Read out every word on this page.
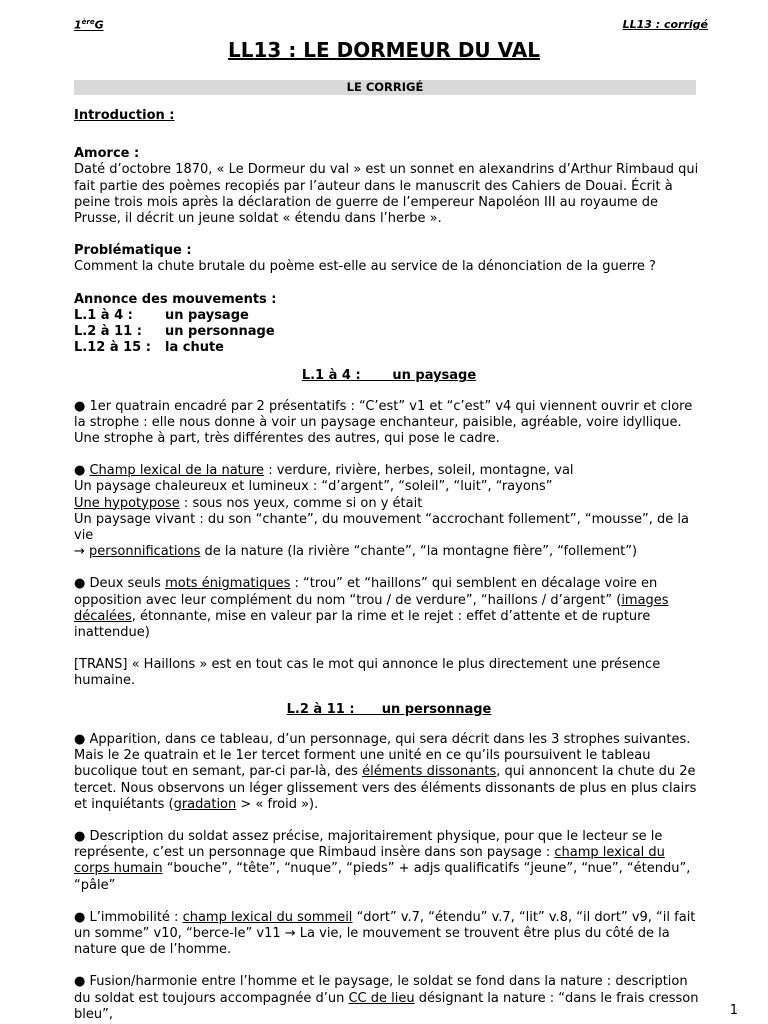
1èreG	LL13 : corrigé
LL13 : LE DORMEUR DU VAL
LE CORRIGÉ

Introduction :

Amorce :

Daté d’octobre 1870, « Le Dormeur du val » est un sonnet en alexandrins d’Arthur Rimbaud qui fait partie des poèmes recopiés par l’auteur dans le manuscrit des Cahiers de Douai. Écrit à peine trois mois après la déclaration de guerre de l’empereur Napoléon III au royaume de Prusse, il décrit un jeune soldat « étendu dans l’herbe ».

Problématique :

Comment la chute brutale du poème est-elle au service de la dénonciation de la guerre ?

Annonce des mouvements :

L.1 à 4 :	un paysage
L.2 à 11 :	un personnage
L.12 à 15 :	la chute

L.1 à 4 :       un paysage

● 1er quatrain encadré par 2 présentatifs : “C’est” v1 et “c’est” v4 qui viennent ouvrir et clore la strophe : elle nous donne à voir un paysage enchanteur, paisible, agréable, voire idyllique. Une strophe à part, très différentes des autres, qui pose le cadre.

● Champ lexical de la nature : verdure, rivière, herbes, soleil, montagne, val
Un paysage chaleureux et lumineux : “d’argent”, “soleil”, “luit”, “rayons”
Une hypotypose : sous nos yeux, comme si on y était
Un paysage vivant : du son “chante”, du mouvement “accrochant follement”, “mousse”, de la vie
→ personnifications de la nature (la rivière “chante”, “la montagne fière”, “follement”)

● Deux seuls mots énigmatiques : “trou” et “haillons” qui semblent en décalage voire en opposition avec leur complément du nom “trou / de verdure”, “haillons / d’argent” (images décalées, étonnante, mise en valeur par la rime et le rejet : effet d’attente et de rupture inattendue)

[TRANS] « Haillons » est en tout cas le mot qui annonce le plus directement une présence humaine.

L.2 à 11 :      un personnage

● Apparition, dans ce tableau, d’un personnage, qui sera décrit dans les 3 strophes suivantes. Mais le 2e quatrain et le 1er tercet forment une unité en ce qu’ils poursuivent le tableau bucolique tout en semant, par-ci par-là, des éléments dissonants, qui annoncent la chute du 2e tercet. Nous observons un léger glissement vers des éléments dissonants de plus en plus clairs et inquiétants (gradation > « froid »).

● Description du soldat assez précise, majoritairement physique, pour que le lecteur se le représente, c’est un personnage que Rimbaud insère dans son paysage : champ lexical du corps humain “bouche”, “tête”, “nuque”, “pieds” + adjs qualificatifs “jeune”, “nue”, “étendu”, “pâle”

● L’immobilité : champ lexical du sommeil “dort” v.7, “étendu” v.7, “lit” v.8, “il dort” v9, “il fait un somme” v10, “berce-le” v11 → La vie, le mouvement se trouvent être plus du côté de la nature que de l’homme.

● Fusion/harmonie entre l’homme et le paysage, le soldat se fond dans la nature : description du soldat est toujours accompagnée d’un CC de lieu désignant la nature : “dans le frais cresson bleu”,	1
